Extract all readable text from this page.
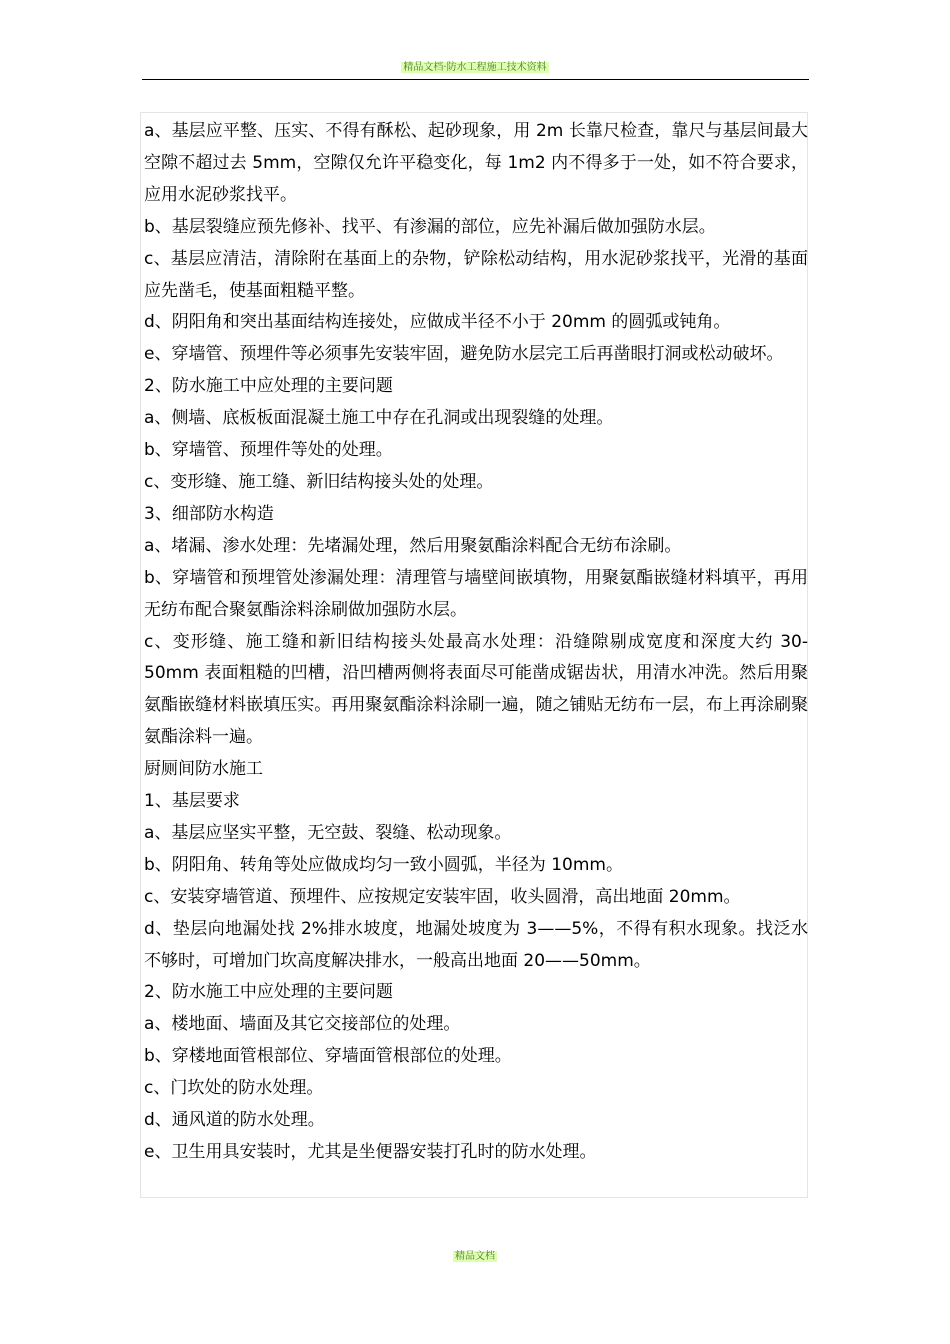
精品文档·防水工程施工技术资料

a、基层应平整、压实、不得有酥松、起砂现象，用 2m 长靠尺检查，靠尺与基层间最大空隙不超过去 5mm，空隙仅允许平稳变化，每 1m2 内不得多于一处，如不符合要求，应用水泥砂浆找平。

b、基层裂缝应预先修补、找平、有渗漏的部位，应先补漏后做加强防水层。

c、基层应清洁，清除附在基面上的杂物，铲除松动结构，用水泥砂浆找平，光滑的基面应先凿毛，使基面粗糙平整。

d、阴阳角和突出基面结构连接处，应做成半径不小于 20mm 的圆弧或钝角。

e、穿墙管、预埋件等必须事先安装牢固，避免防水层完工后再凿眼打洞或松动破坏。

2、防水施工中应处理的主要问题

a、侧墙、底板板面混凝土施工中存在孔洞或出现裂缝的处理。

b、穿墙管、预埋件等处的处理。

c、变形缝、施工缝、新旧结构接头处的处理。

3、细部防水构造

a、堵漏、渗水处理：先堵漏处理，然后用聚氨酯涂料配合无纺布涂刷。

b、穿墙管和预埋管处渗漏处理：清理管与墙壁间嵌填物，用聚氨酯嵌缝材料填平，再用无纺布配合聚氨酯涂料涂刷做加强防水层。

c、变形缝、施工缝和新旧结构接头处最高水处理：沿缝隙剔成宽度和深度大约 30-50mm 表面粗糙的凹槽，沿凹槽两侧将表面尽可能凿成锯齿状，用清水冲洗。然后用聚氨酯嵌缝材料嵌填压实。再用聚氨酯涂料涂刷一遍，随之铺贴无纺布一层，布上再涂刷聚氨酯涂料一遍。

厨厕间防水施工

1、基层要求

a、基层应坚实平整，无空鼓、裂缝、松动现象。

b、阴阳角、转角等处应做成均匀一致小圆弧，半径为 10mm。

c、安装穿墙管道、预埋件、应按规定安装牢固，收头圆滑，高出地面 20mm。

d、垫层向地漏处找 2%排水坡度，地漏处坡度为 3——5%，不得有积水现象。找泛水不够时，可增加门坎高度解决排水，一般高出地面 20——50mm。

2、防水施工中应处理的主要问题

a、楼地面、墙面及其它交接部位的处理。

b、穿楼地面管根部位、穿墙面管根部位的处理。

c、门坎处的防水处理。

d、通风道的防水处理。

e、卫生用具安装时，尤其是坐便器安装打孔时的防水处理。

精品文档
